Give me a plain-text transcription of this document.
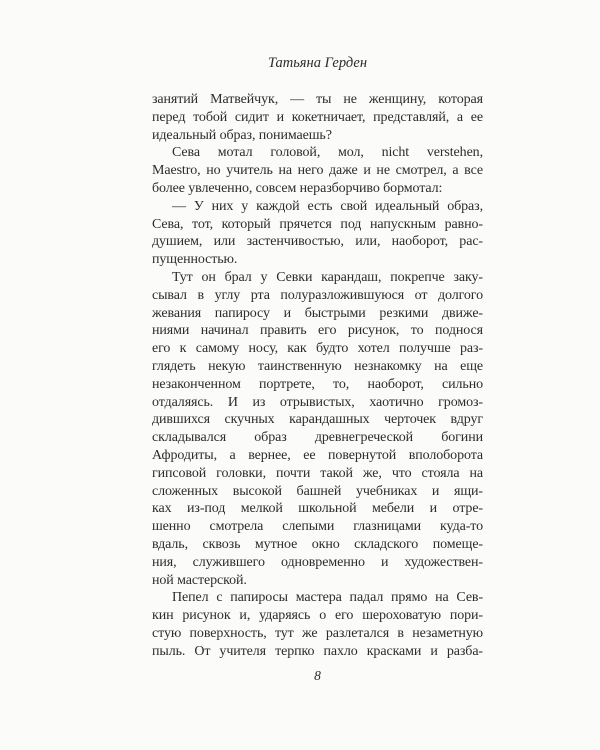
Татьяна Герден
занятий Матвейчук, — ты не женщину, которая
перед тобой сидит и кокетничает, представляй, а ее
идеальный образ, понимаешь?
Сева мотал головой, мол, nicht verstehen,
Maestro, но учитель на него даже и не смотрел, а все
более увлеченно, совсем неразборчиво бормотал:
— У них у каждой есть свой идеальный образ,
Сева, тот, который прячется под напускным равно-
душием, или застенчивостью, или, наоборот, рас-
пущенностью.
Тут он брал у Севки карандаш, покрепче заку-
сывал в углу рта полуразложившуюся от долгого
жевания папиросу и быстрыми резкими движе-
ниями начинал править его рисунок, то поднося
его к самому носу, как будто хотел получше раз-
глядеть некую таинственную незнакомку на еще
незаконченном портрете, то, наоборот, сильно
отдаляясь. И из отрывистых, хаотично громоз-
дившихся скучных карандашных черточек вдруг
складывался образ древнегреческой богини
Афродиты, а вернее, ее повернутой вполоборота
гипсовой головки, почти такой же, что стояла на
сложенных высокой башней учебниках и ящи-
ках из-под мелкой школьной мебели и отре-
шенно смотрела слепыми глазницами куда-то
вдаль, сквозь мутное окно складского помеще-
ния, служившего одновременно и художествен-
ной мастерской.
Пепел с папиросы мастера падал прямо на Сев-
кин рисунок и, ударяясь о его шероховатую пори-
стую поверхность, тут же разлетался в незаметную
пыль. От учителя терпко пахло красками и разба-
8
